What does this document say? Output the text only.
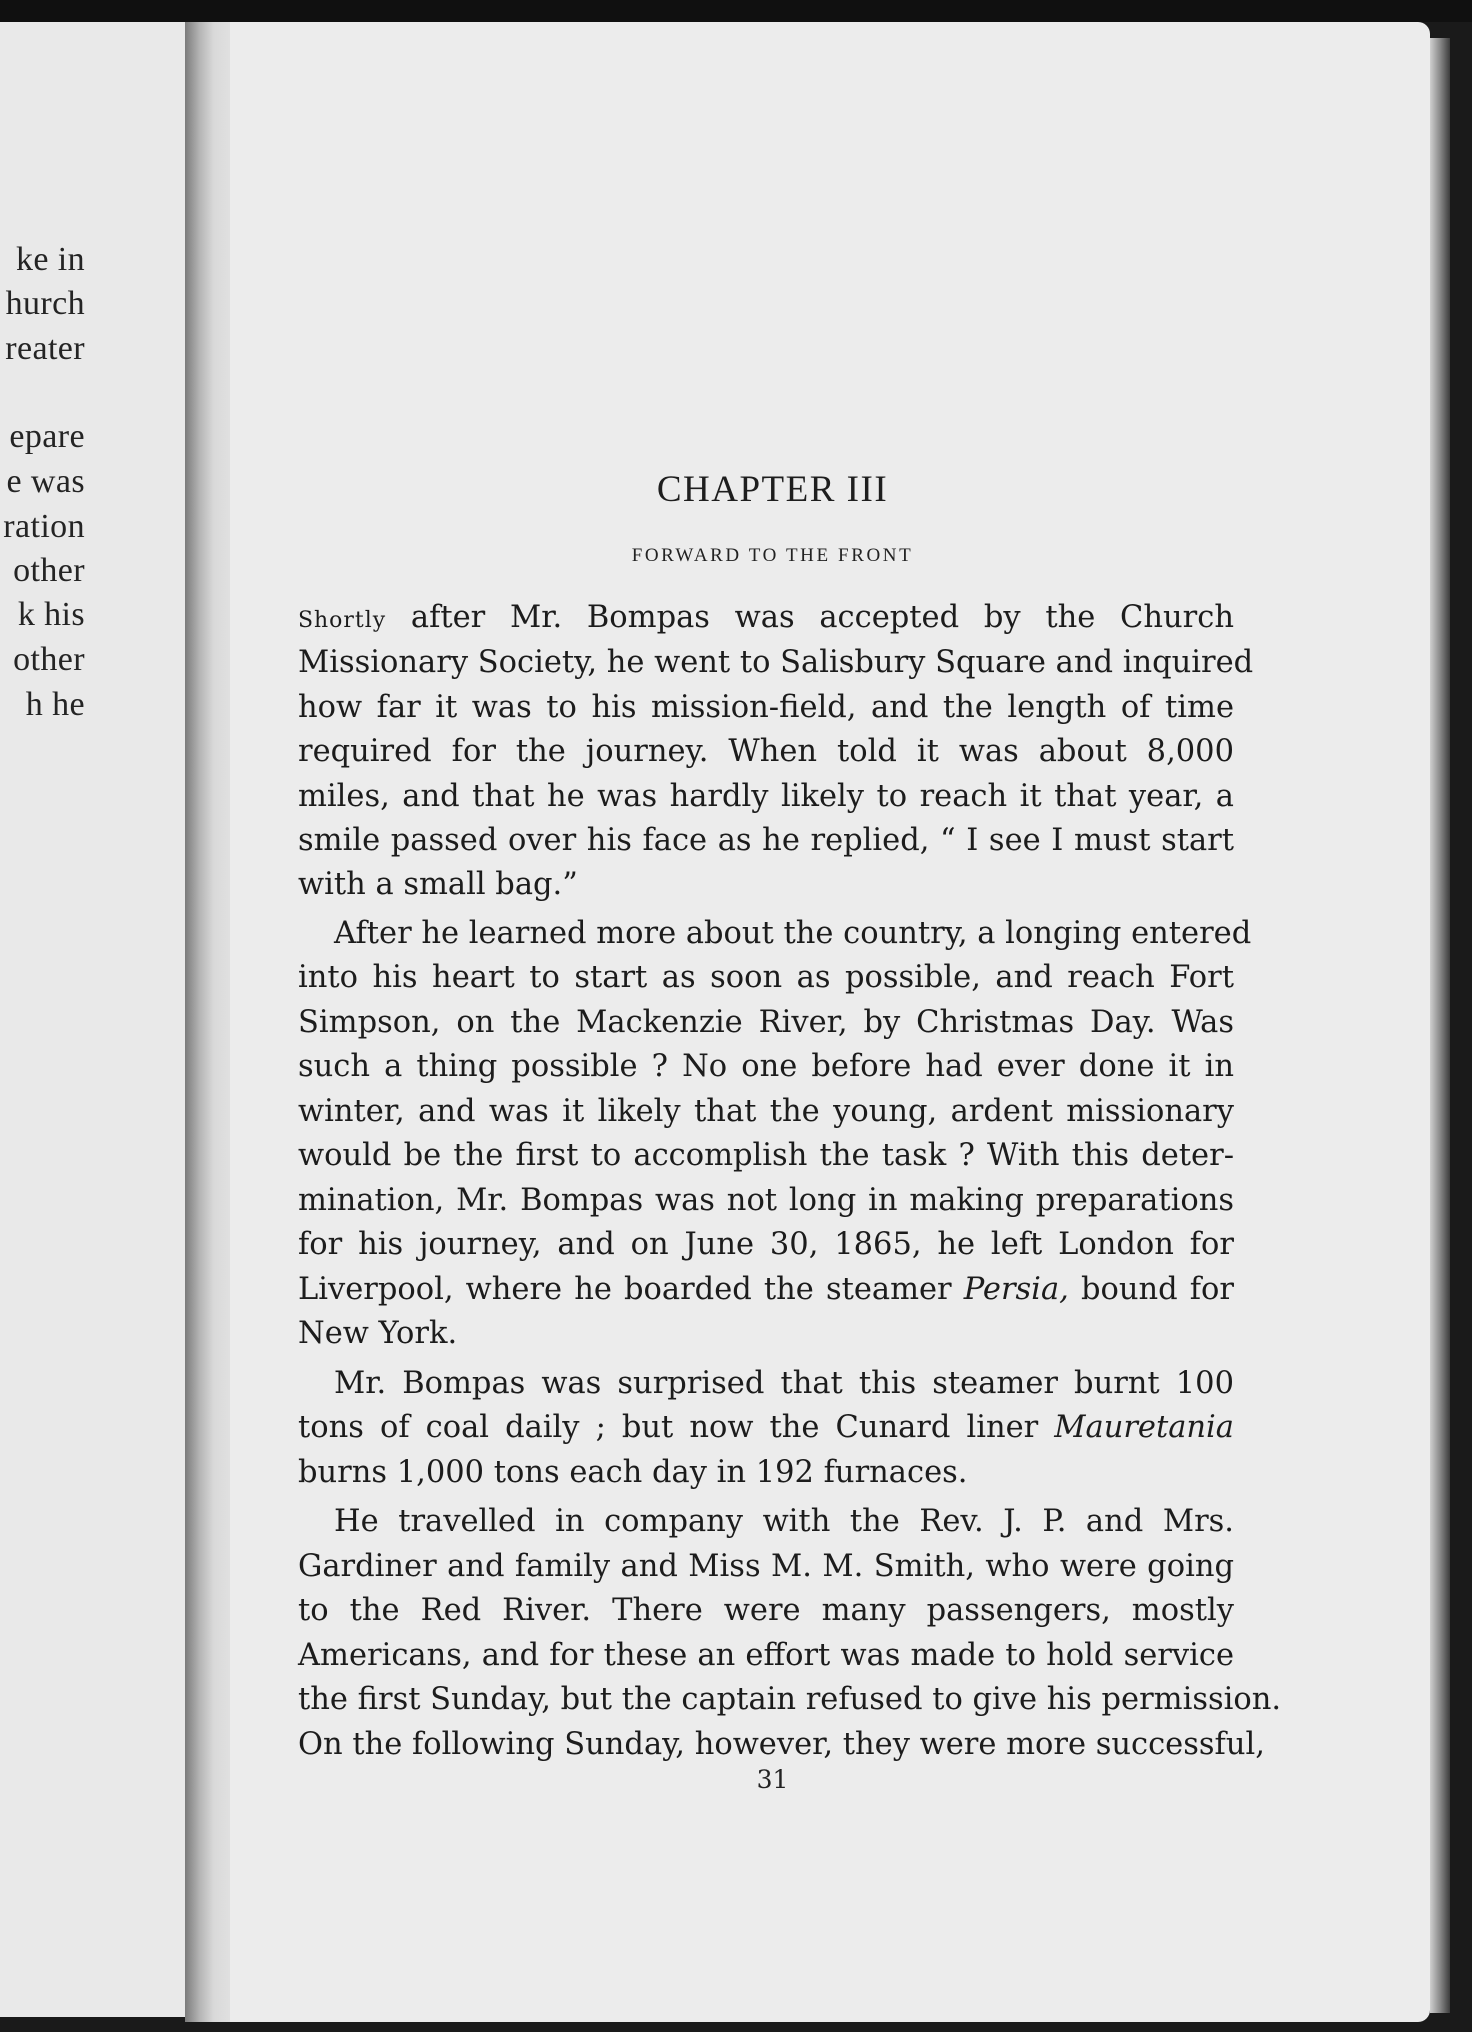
ke in
hurch
reater
epare
e was
ration
other
k his
other
h he
CHAPTER III
FORWARD TO THE FRONT
Shortly after Mr. Bompas was accepted by the Church
Missionary Society, he went to Salisbury Square and inquired
how far it was to his mission-field, and the length of time
required for the journey. When told it was about 8,000
miles, and that he was hardly likely to reach it that year, a
smile passed over his face as he replied, “ I see I must start
with a small bag.”
After he learned more about the country, a longing entered
into his heart to start as soon as possible, and reach Fort
Simpson, on the Mackenzie River, by Christmas Day. Was
such a thing possible ? No one before had ever done it in
winter, and was it likely that the young, ardent missionary
would be the first to accomplish the task ? With this deter-
mination, Mr. Bompas was not long in making preparations
for his journey, and on June 30, 1865, he left London for
Liverpool, where he boarded the steamer Persia, bound for
New York.
Mr. Bompas was surprised that this steamer burnt 100
tons of coal daily ; but now the Cunard liner Mauretania
burns 1,000 tons each day in 192 furnaces.
He travelled in company with the Rev. J. P. and Mrs.
Gardiner and family and Miss M. M. Smith, who were going
to the Red River. There were many passengers, mostly
Americans, and for these an effort was made to hold service
the first Sunday, but the captain refused to give his permission.
On the following Sunday, however, they were more successful,
31
